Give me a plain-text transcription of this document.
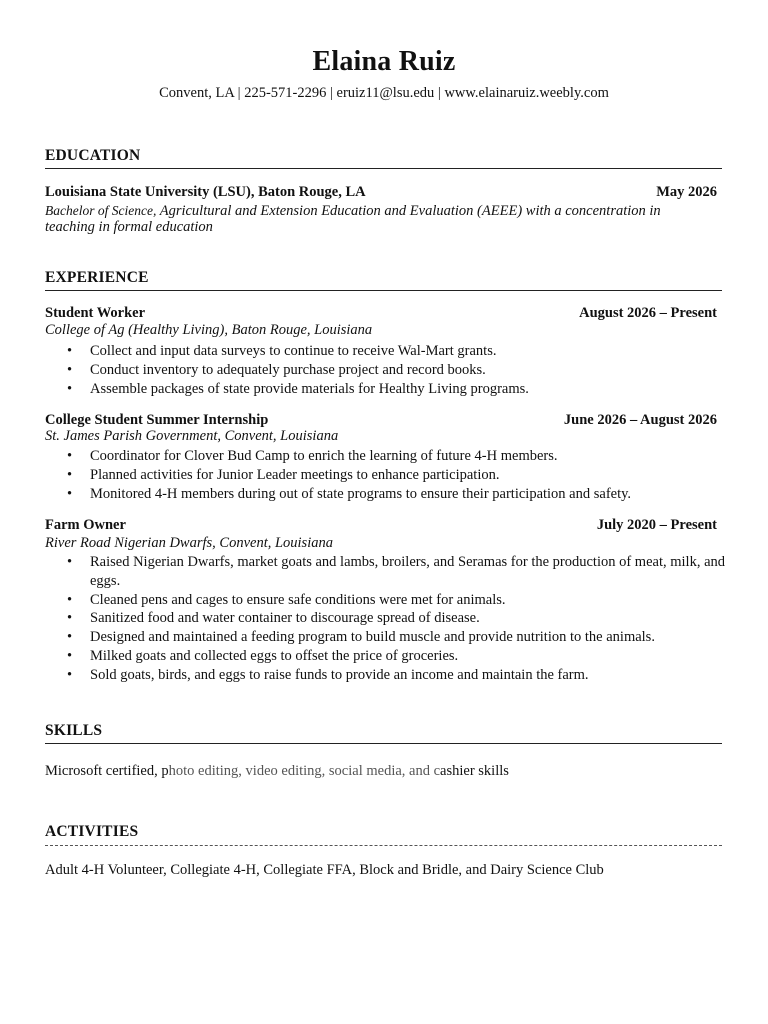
Elaina Ruiz
Convent, LA | 225-571-2296 | eruiz11@lsu.edu | www.elainaruiz.weebly.com
EDUCATION
Louisiana State University (LSU), Baton Rouge, LA	May 2026
Bachelor of Science, Agricultural and Extension Education and Evaluation (AEEE) with a concentration in
teaching in formal education
EXPERIENCE
Student Worker	August 2026 – Present
College of Ag (Healthy Living), Baton Rouge, Louisiana
• Collect and input data surveys to continue to receive Wal-Mart grants.
• Conduct inventory to adequately purchase project and record books.
• Assemble packages of state provide materials for Healthy Living programs.
College Student Summer Internship	June 2026 – August 2026
St. James Parish Government, Convent, Louisiana
• Coordinator for Clover Bud Camp to enrich the learning of future 4-H members.
• Planned activities for Junior Leader meetings to enhance participation.
• Monitored 4-H members during out of state programs to ensure their participation and safety.
Farm Owner	July 2020 – Present
River Road Nigerian Dwarfs, Convent, Louisiana
• Raised Nigerian Dwarfs, market goats and lambs, broilers, and Seramas for the production of meat, milk, and eggs.
• Cleaned pens and cages to ensure safe conditions were met for animals.
• Sanitized food and water container to discourage spread of disease.
• Designed and maintained a feeding program to build muscle and provide nutrition to the animals.
• Milked goats and collected eggs to offset the price of groceries.
• Sold goats, birds, and eggs to raise funds to provide an income and maintain the farm.
SKILLS
Microsoft certified, photo editing, video editing, social media, and cashier skills
ACTIVITIES
Adult 4-H Volunteer, Collegiate 4-H, Collegiate FFA, Block and Bridle, and Dairy Science Club
